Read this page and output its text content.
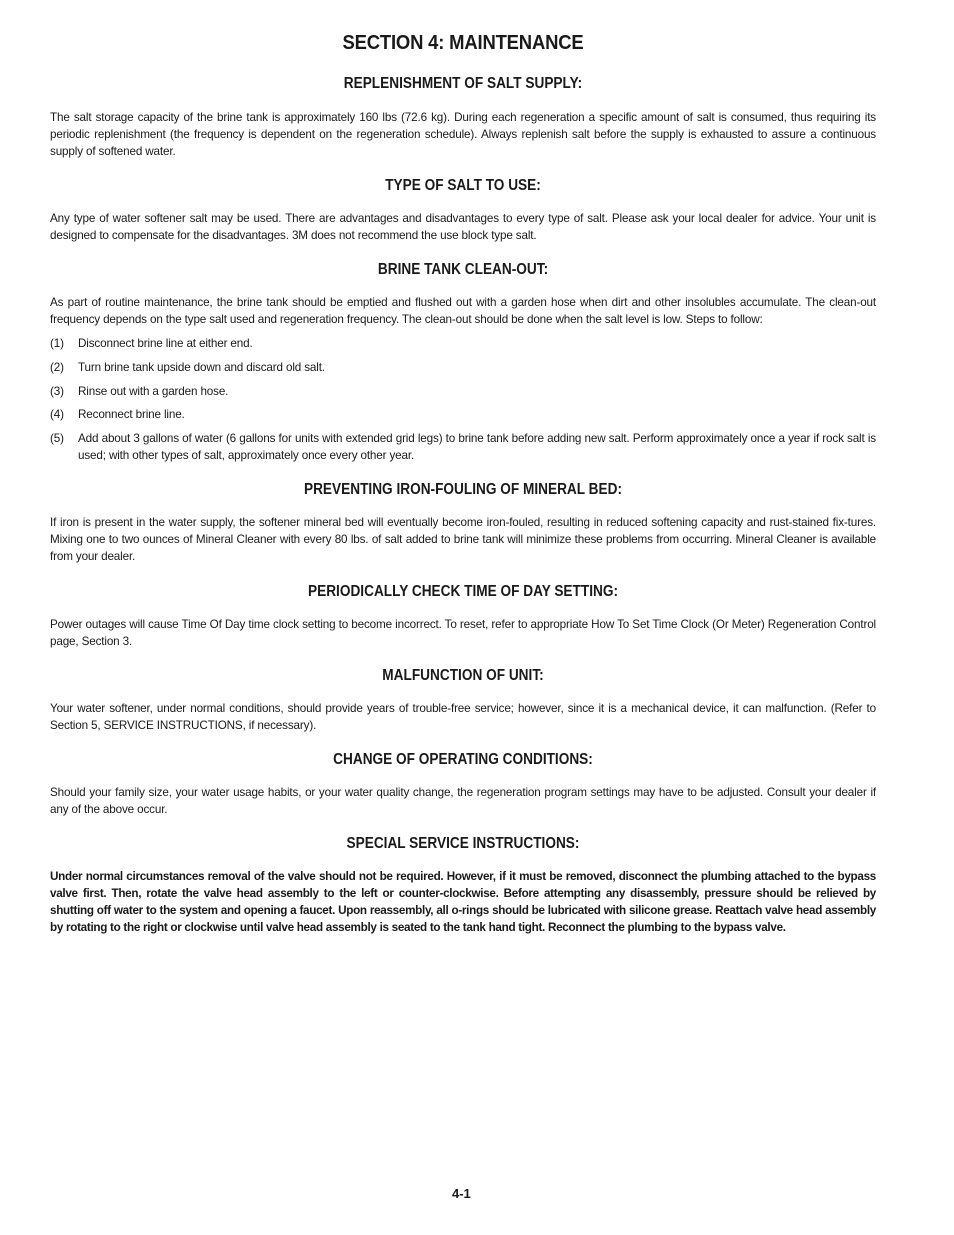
SECTION 4: MAINTENANCE
REPLENISHMENT OF SALT SUPPLY:
The salt storage capacity of the brine tank is approximately 160 lbs (72.6 kg). During each regeneration a specific amount of salt is consumed, thus requiring its periodic replenishment (the frequency is dependent on the regeneration schedule). Always replenish salt before the supply is exhausted to assure a continuous supply of softened water.
TYPE OF SALT TO USE:
Any type of water softener salt may be used. There are advantages and disadvantages to every type of salt. Please ask your local dealer for advice. Your unit is designed to compensate for the disadvantages. 3M does not recommend the use block type salt.
BRINE TANK CLEAN-OUT:
As part of routine maintenance, the brine tank should be emptied and flushed out with a garden hose when dirt and other insolubles accumulate. The clean-out frequency depends on the type salt used and regeneration frequency. The clean-out should be done when the salt level is low. Steps to follow:
(1) Disconnect brine line at either end.
(2) Turn brine tank upside down and discard old salt.
(3) Rinse out with a garden hose.
(4) Reconnect brine line.
(5) Add about 3 gallons of water (6 gallons for units with extended grid legs) to brine tank before adding new salt. Perform approximately once a year if rock salt is used; with other types of salt, approximately once every other year.
PREVENTING IRON-FOULING OF MINERAL BED:
If iron is present in the water supply, the softener mineral bed will eventually become iron-fouled, resulting in reduced softening capacity and rust-stained fix-tures. Mixing one to two ounces of Mineral Cleaner with every 80 lbs. of salt added to brine tank will minimize these problems from occurring. Mineral Cleaner is available from your dealer.
PERIODICALLY CHECK TIME OF DAY SETTING:
Power outages will cause Time Of Day time clock setting to become incorrect. To reset, refer to appropriate How To Set Time Clock (Or Meter) Regeneration Control page, Section 3.
MALFUNCTION OF UNIT:
Your water softener, under normal conditions, should provide years of trouble-free service; however, since it is a mechanical device, it can malfunction. (Refer to Section 5, SERVICE INSTRUCTIONS, if necessary).
CHANGE OF OPERATING CONDITIONS:
Should your family size, your water usage habits, or your water quality change, the regeneration program settings may have to be adjusted. Consult your dealer if any of the above occur.
SPECIAL SERVICE INSTRUCTIONS:
Under normal circumstances removal of the valve should not be required. However, if it must be removed, disconnect the plumbing attached to the bypass valve first. Then, rotate the valve head assembly to the left or counter-clockwise. Before attempting any disassembly, pressure should be relieved by shutting off water to the system and opening a faucet. Upon reassembly, all o-rings should be lubricated with silicone grease. Reattach valve head assembly by rotating to the right or clockwise until valve head assembly is seated to the tank hand tight. Reconnect the plumbing to the bypass valve.
4-1
